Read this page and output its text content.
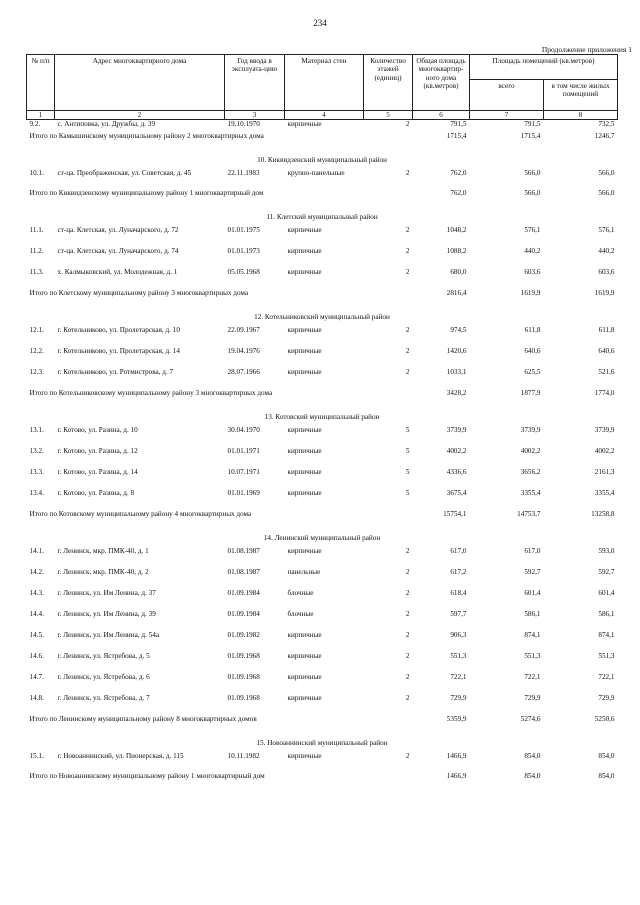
234
Продолжение приложения 1
№ п/п	Адрес многоквартирного дома	Год ввода в эксплуата-цию	Материал стен	Количество этажей (единиц)	Общая площадь многоквартир-ного дома (кв.метров)	Площадь помещений (кв.метров)	
						всего	в том числе жилых помещений
1	2	3	4	5	6	7	8
9.2.	с. Антиповка, ул. Дружбы, д. 39	19.10.1970	кирпичные	2	791,5	791,5	732,5
Итого по Камышинскому муниципальному району 2 многоквартирных дома					1715,4	1715,4	1246,7
10. Киквидзенский муниципальный район							
10.1.	ст-ца. Преображенская, ул. Советская, д. 45	22.11.1983	крупно-панельные	2	762,0	566,0	566,0
Итого по Киквидзенскому муниципальному району 1 многоквартирный дом					762,0	566,0	566,0
11. Клетский муниципальный район							
11.1.	ст-ца. Клетская, ул. Луначарского, д. 72	01.01.1975	кирпичные	2	1048,2	576,1	576,1
11.2.	ст-ца. Клетская, ул. Луначарского, д. 74	01.01.1973	кирпичные	2	1088,2	440,2	440,2
11.3.	х. Калмыковский, ул. Молодежная, д. 1	05.05.1968	кирпичные	2	680,0	603,6	603,6
Итого по Клетскому муниципальному району 3 многоквартирных дома					2816,4	1619,9	1619,9
12. Котельниковский муниципальный район							
12.1.	г. Котельниково, ул. Пролетарская, д. 10	22.09.1967	кирпичные	2	974,5	611,8	611,8
12.2.	г. Котельниково, ул. Пролетарская, д. 14	19.04.1976	кирпичные	2	1420,6	640,6	640,6
12.3.	г. Котельниково, ул. Ротмистрова, д. 7	28.07.1966	кирпичные	2	1033,1	625,5	521,6
Итого по Котельниковскому муниципальному району 3 многоквартирных дома					3428,2	1877,9	1774,0
13. Котовский муниципальный район							
13.1.	г. Котово, ул. Разина, д. 10	30.04.1970	кирпичные	5	3739,9	3739,9	3739,9
13.2.	г. Котово, ул. Разина, д. 12	01.01.1971	кирпичные	5	4002,2	4002,2	4002,2
13.3.	г. Котово, ул. Разина, д. 14	10.07.1971	кирпичные	5	4336,6	3656,2	2161,3
13.4.	г. Котово, ул. Разина, д. 8	01.01.1969	кирпичные	5	3675,4	3355,4	3355,4
Итого по Котовскому муниципальному району 4 многоквартирных дома					15754,1	14753,7	13258,8
14. Ленинский муниципальный район							
14.1.	г. Ленинск, мкр. ПМК-40, д. 1	01.08.1987	кирпичные	2	617,0	617,0	593,0
14.2.	г. Ленинск, мкр. ПМК-40, д. 2	01.08.1987	панельные	2	617,2	592,7	592,7
14.3.	г. Ленинск, ул. Им Ленина, д. 37	01.09.1984	блочные	2	618,4	601,4	601,4
14.4.	г. Ленинск, ул. Им Ленина, д. 39	01.09.1984	блочные	2	597,7	586,1	586,1
14.5.	г. Ленинск, ул. Им Ленина, д. 54а	01.09.1982	кирпичные	2	906,3	874,1	874,1
14.6.	г. Ленинск, ул. Ястребова, д. 5	01.09.1968	кирпичные	2	551,3	551,3	551,3
14.7.	г. Ленинск, ул. Ястребова, д. 6	01.09.1968	кирпичные	2	722,1	722,1	722,1
14.8.	г. Ленинск, ул. Ястребова, д. 7	01.09.1968	кирпичные	2	729,9	729,9	729,9
Итого по Ленинскому муниципальному району 8 многоквартирных домов					5359,9	5274,6	5250,6
15. Новоаннинский муниципальный район							
15.1.	г. Новоаннинский, ул. Пионерская, д. 115	10.11.1982	кирпичные	2	1466,9	854,0	854,0
Итого по Новоаннинскому муниципальному району 1 многоквартирный дом					1466,9	854,0	854,0
